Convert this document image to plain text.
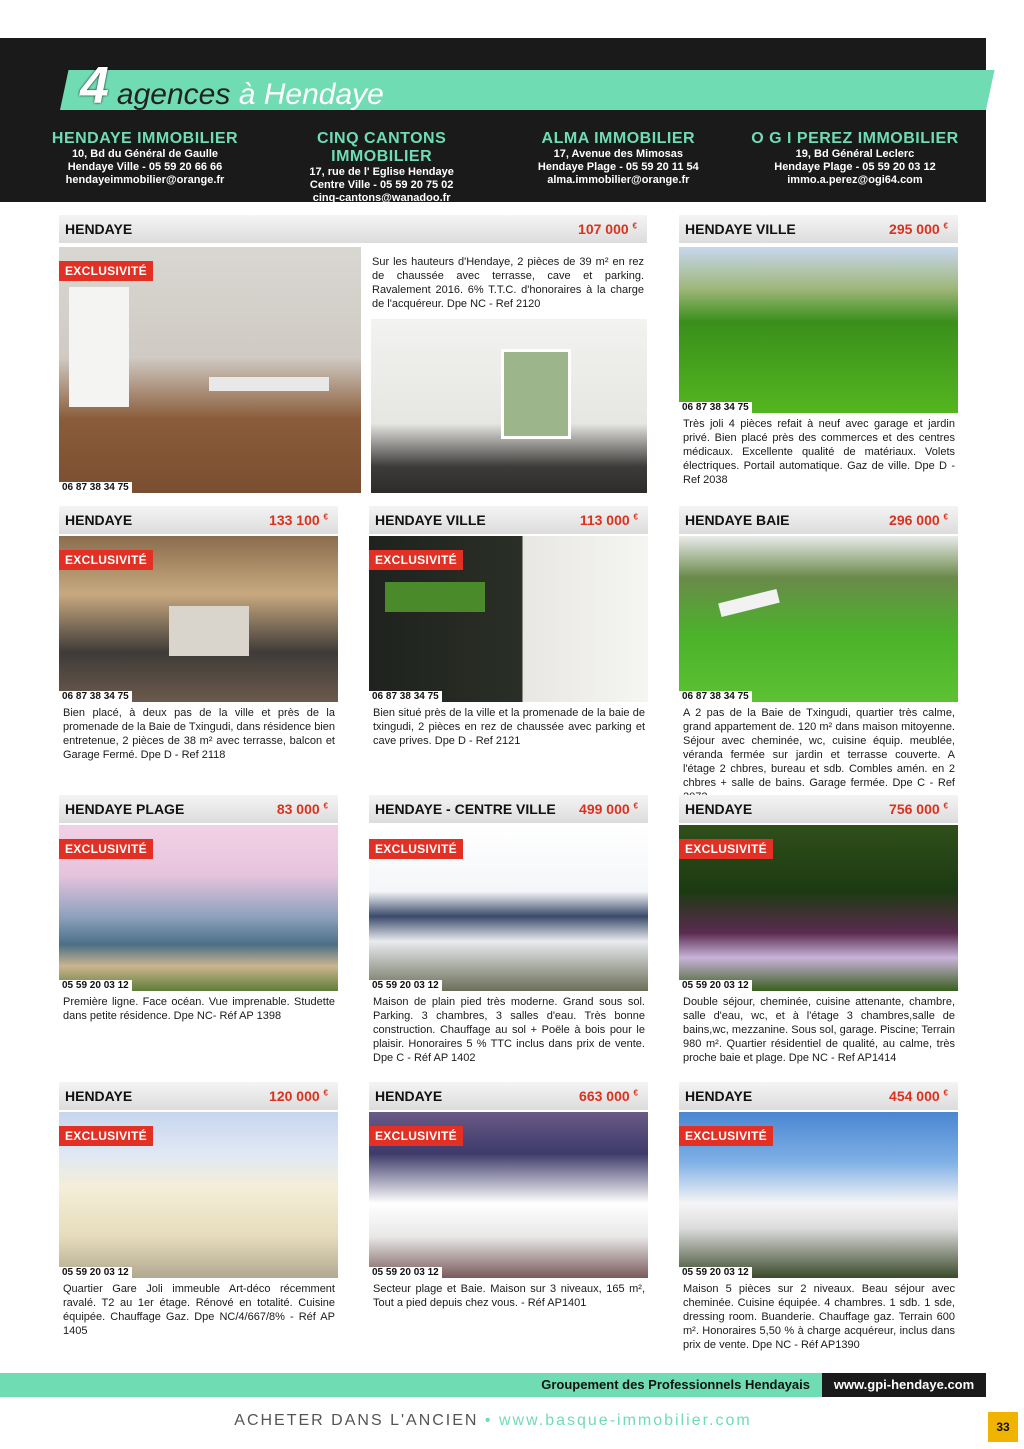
4 agences à Hendaye
HENDAYE IMMOBILIER
10, Bd du Général de Gaulle
Hendaye Ville - 05 59 20 66 66
hendayeimmobilier@orange.fr
CINQ CANTONS IMMOBILIER
17, rue de l' Eglise Hendaye
Centre Ville - 05 59 20 75 02
cinq-cantons@wanadoo.fr
ALMA IMMOBILIER
17, Avenue des Mimosas
Hendaye Plage - 05 59 20 11 54
alma.immobilier@orange.fr
O G I PEREZ IMMOBILIER
19, Bd Général Leclerc
Hendaye Plage - 05 59 20 03 12
immo.a.perez@ogi64.com
HENDAYE	107 000 €
EXCLUSIVITÉ
06 87 38 34 75
Sur les hauteurs d'Hendaye, 2 pièces de 39 m² en rez de chaussée avec terrasse, cave et parking. Ravalement 2016. 6% T.T.C. d'honoraires à la charge de l'acquéreur. Dpe NC - Ref 2120
HENDAYE VILLE	295 000 €
06 87 38 34 75
Très joli 4 pièces refait à neuf avec garage et jardin privé. Bien placé près des commerces et des centres médicaux. Excellente qualité de matériaux. Volets électriques. Portail automatique. Gaz de ville. Dpe D - Ref 2038
HENDAYE	133 100 €
EXCLUSIVITÉ
06 87 38 34 75
Bien placé, à deux pas de la ville et près de la promenade de la Baie de Txingudi, dans résidence bien entretenue, 2 pièces de 38 m² avec terrasse, balcon et Garage Fermé. Dpe D - Ref 2118
HENDAYE VILLE	113 000 €
EXCLUSIVITÉ
06 87 38 34 75
Bien situé près de la ville et la promenade de la baie de txingudi, 2 pièces en rez de chaussée avec parking et cave prives. Dpe D - Ref 2121
HENDAYE BAIE	296 000 €
06 87 38 34 75
A 2 pas de la Baie de Txingudi, quartier très calme, grand appartement de. 120 m² dans maison mitoyenne. Séjour avec cheminée, wc, cuisine équip. meublée, véranda fermée sur jardin et terrasse couverte. A l'étage 2 chbres, bureau et sdb. Combles amén. en 2 chbres + salle de bains. Garage fermée. Dpe C - Ref
HENDAYE PLAGE	83 000 €
EXCLUSIVITÉ
05 59 20 03 12
Première ligne. Face océan. Vue imprenable. Studette dans petite résidence. Dpe NC- Réf AP 1398
HENDAYE - CENTRE VILLE 499 000 €
EXCLUSIVITÉ
05 59 20 03 12
Maison de plain pied très moderne. Grand sous sol. Parking. 3 chambres, 3 salles d'eau. Très bonne construction. Chauffage au sol + Poële à bois pour le plaisir. Honoraires 5 % TTC inclus dans prix de vente. Dpe C - Réf AP 1402
HENDAYE	756 000 €
EXCLUSIVITÉ
05 59 20 03 12
Double séjour, cheminée, cuisine attenante, chambre, salle d'eau, wc, et à l'étage 3 chambres,salle de bains,wc, mezzanine. Sous sol, garage. Piscine; Terrain 980 m². Quartier résidentiel de qualité, au calme, très proche baie et plage. Dpe NC - Ref AP1414
HENDAYE	120 000 €
EXCLUSIVITÉ
05 59 20 03 12
Quartier Gare Joli immeuble Art-déco récemment ravalé. T2 au 1er étage. Rénové en totalité. Cuisine équipée. Chauffage Gaz. Dpe NC/4/667/8% - Réf AP 1405
HENDAYE	663 000 €
EXCLUSIVITÉ
05 59 20 03 12
Secteur plage et Baie. Maison sur 3 niveaux, 165 m², Tout a pied depuis chez vous. - Réf AP1401
HENDAYE	454 000 €
EXCLUSIVITÉ
05 59 20 03 12
Maison 5 pièces sur 2 niveaux. Beau séjour avec cheminée. Cuisine équipée. 4 chambres. 1 sdb. 1 sde, dressing room. Buanderie. Chauffage gaz. Terrain 600 m². Honoraires 5,50 % à charge acquéreur, inclus dans prix de vente. Dpe NC - Réf AP1390
Groupement des Professionnels Hendayais	www.gpi-hendaye.com
ACHETER DANS L'ANCIEN • www.basque-immobilier.com	33
